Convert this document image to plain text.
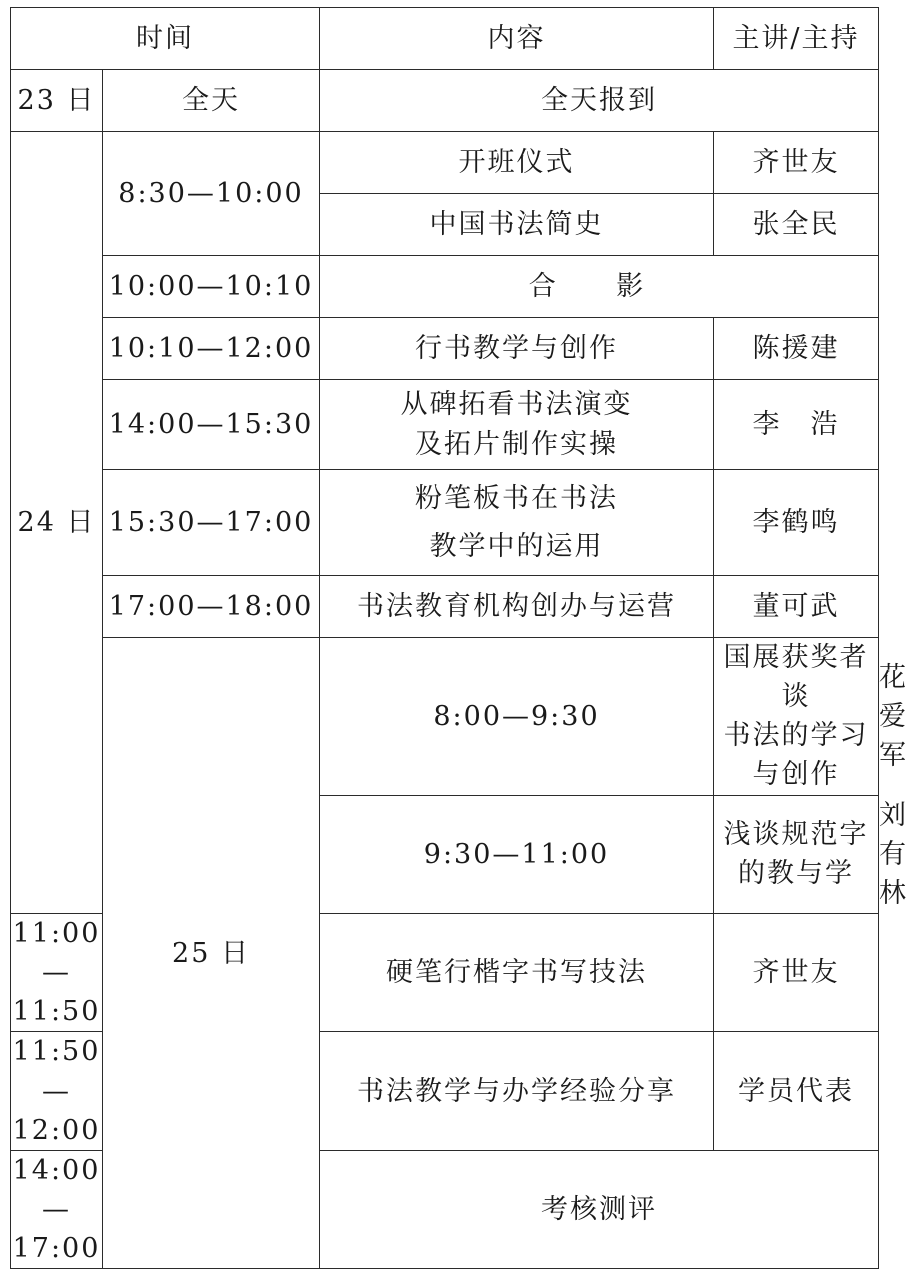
时间		内容	主讲/主持	
23 日	全天	全天报到		
24 日	8:30—10:00	开班仪式	齐世友	
		中国书法简史	张全民	
	10:00—10:10	合 影		
	10:10—12:00	行书教学与创作	陈援建	
	14:00—15:30	从碑拓看书法演变
及拓片制作实操	李　浩	
	15:30—17:00	粉笔板书在书法
教学中的运用	李鹤鸣	
	17:00—18:00	书法教育机构创办与运营	董可武	
	25 日	8:00—9:30	国展获奖者谈
书法的学习与创作	花爱军
		9:30—11:00	浅谈规范字的教与学	刘有林
11:00—11:50		硬笔行楷字书写技法	齐世友	
11:50—12:00		书法教学与办学经验分享	学员代表	
14:00—17:00		考核测评		
